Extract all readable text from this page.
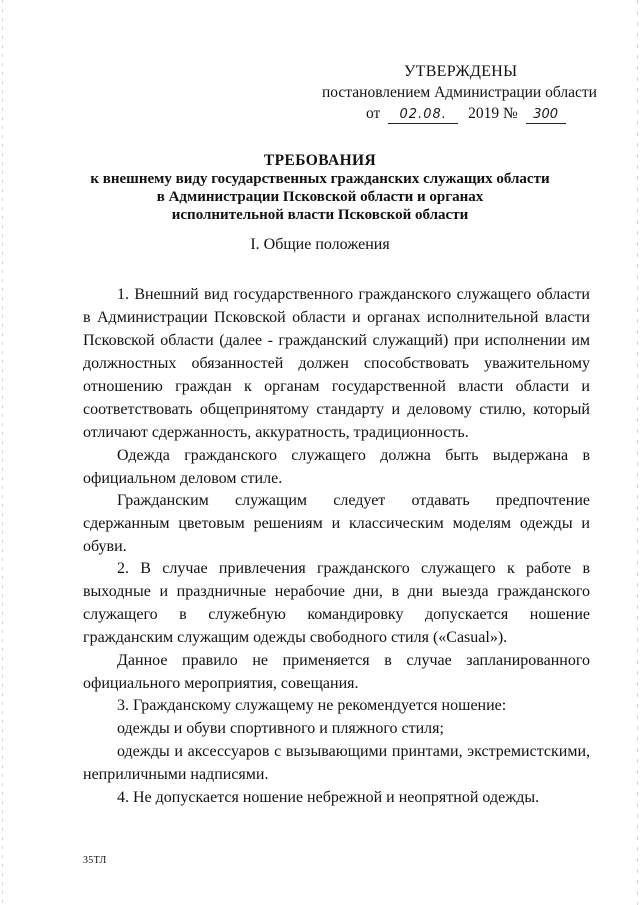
УТВЕРЖДЕНЫ
постановлением Администрации области
от 02.08. 2019 № 300
ТРЕБОВАНИЯ
к внешнему виду государственных гражданских служащих области
в Администрации Псковской области и органах
исполнительной власти Псковской области
I. Общие положения

1. Внешний вид государственного гражданского служащего области в Администрации Псковской области и органах исполнительной власти Псковской области (далее - гражданский служащий) при исполнении им должностных обязанностей должен способствовать уважительному отношению граждан к органам государственной власти области и соответствовать общепринятому стандарту и деловому стилю, который отличают сдержанность, аккуратность, традиционность.

Одежда гражданского служащего должна быть выдержана в официальном деловом стиле.

Гражданским служащим следует отдавать предпочтение сдержанным цветовым решениям и классическим моделям одежды и обуви.

2. В случае привлечения гражданского служащего к работе в выходные и праздничные нерабочие дни, в дни выезда гражданского служащего в служебную командировку допускается ношение гражданским служащим одежды свободного стиля («Casual»).

Данное правило не применяется в случае запланированного официального мероприятия, совещания.

3. Гражданскому служащему не рекомендуется ношение:

одежды и обуви спортивного и пляжного стиля;

одежды и аксессуаров с вызывающими принтами, экстремистскими, неприличными надписями.

4. Не допускается ношение небрежной и неопрятной одежды.

35ТЛ
